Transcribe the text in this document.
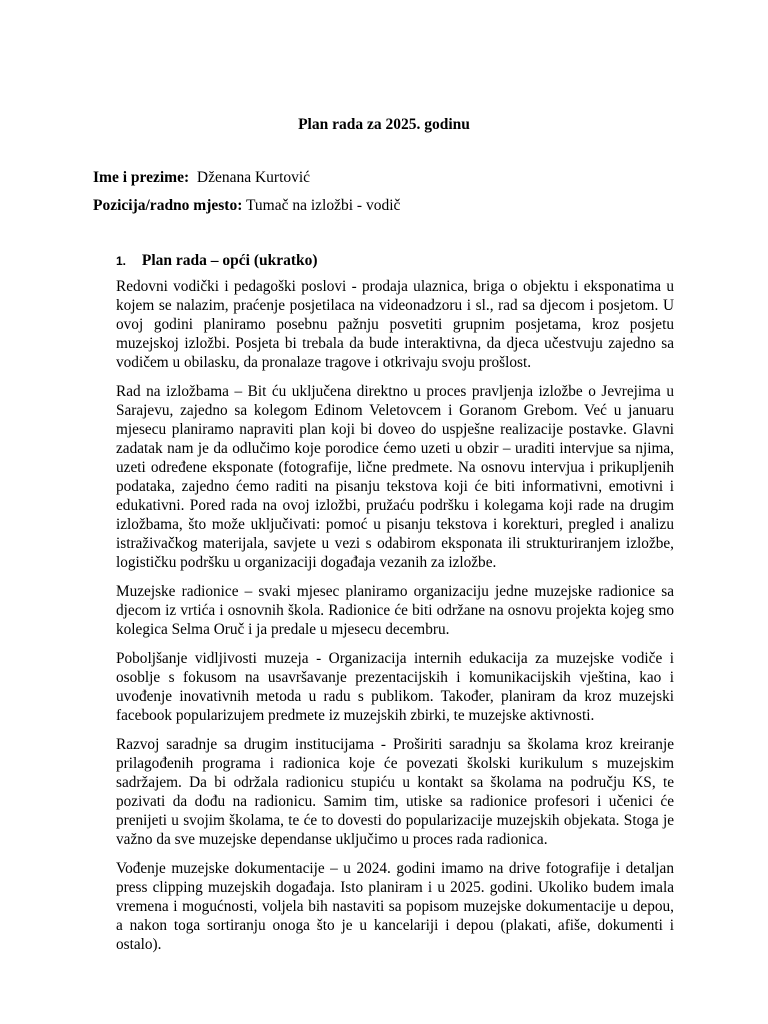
Plan rada za 2025. godinu
Ime i prezime: Dženana Kurtović
Pozicija/radno mjesto: Tumač na izložbi - vodič
1. Plan rada – opći (ukratko)

Redovni vodički i pedagoški poslovi - prodaja ulaznica, briga o objektu i eksponatima u kojem se nalazim, praćenje posjetilaca na videonadzoru i sl., rad sa djecom i posjetom. U ovoj godini planiramo posebnu pažnju posvetiti grupnim posjetama, kroz posjetu muzejskoj izložbi. Posjeta bi trebala da bude interaktivna, da djeca učestvuju zajedno sa vodičem u obilasku, da pronalaze tragove i otkrivaju svoju prošlost.

Rad na izložbama – Bit ću uključena direktno u proces pravljenja izložbe o Jevrejima u Sarajevu, zajedno sa kolegom Edinom Veletovcem i Goranom Grebom. Već u januaru mjesecu planiramo napraviti plan koji bi doveo do uspješne realizacije postavke. Glavni zadatak nam je da odlučimo koje porodice ćemo uzeti u obzir – uraditi intervjue sa njima, uzeti određene eksponate (fotografije, lične predmete. Na osnovu intervjua i prikupljenih podataka, zajedno ćemo raditi na pisanju tekstova koji će biti informativni, emotivni i edukativni. Pored rada na ovoj izložbi, pružaću podršku i kolegama koji rade na drugim izložbama, što može uključivati: pomoć u pisanju tekstova i korekturi, pregled i analizu istraživačkog materijala, savjete u vezi s odabirom eksponata ili strukturiranjem izložbe, logističku podršku u organizaciji događaja vezanih za izložbe.

Muzejske radionice – svaki mjesec planiramo organizaciju jedne muzejske radionice sa djecom iz vrtića i osnovnih škola. Radionice će biti održane na osnovu projekta kojeg smo kolegica Selma Oruč i ja predale u mjesecu decembru.

Poboljšanje vidljivosti muzeja - Organizacija internih edukacija za muzejske vodiče i osoblje s fokusom na usavršavanje prezentacijskih i komunikacijskih vještina, kao i uvođenje inovativnih metoda u radu s publikom. Također, planiram da kroz muzejski facebook popularizujem predmete iz muzejskih zbirki, te muzejske aktivnosti.

Razvoj saradnje sa drugim institucijama - Proširiti saradnju sa školama kroz kreiranje prilagođenih programa i radionica koje će povezati školski kurikulum s muzejskim sadržajem. Da bi održala radionicu stupiću u kontakt sa školama na području KS, te pozivati da dođu na radionicu. Samim tim, utiske sa radionice profesori i učenici će prenijeti u svojim školama, te će to dovesti do popularizacije muzejskih objekata. Stoga je važno da sve muzejske dependanse uključimo u proces rada radionica.

Vođenje muzejske dokumentacije – u 2024. godini imamo na drive fotografije i detaljan press clipping muzejskih događaja. Isto planiram i u 2025. godini. Ukoliko budem imala vremena i mogućnosti, voljela bih nastaviti sa popisom muzejske dokumentacije u depou, a nakon toga sortiranju onoga što je u kancelariji i depou (plakati, afiše, dokumenti i ostalo).
